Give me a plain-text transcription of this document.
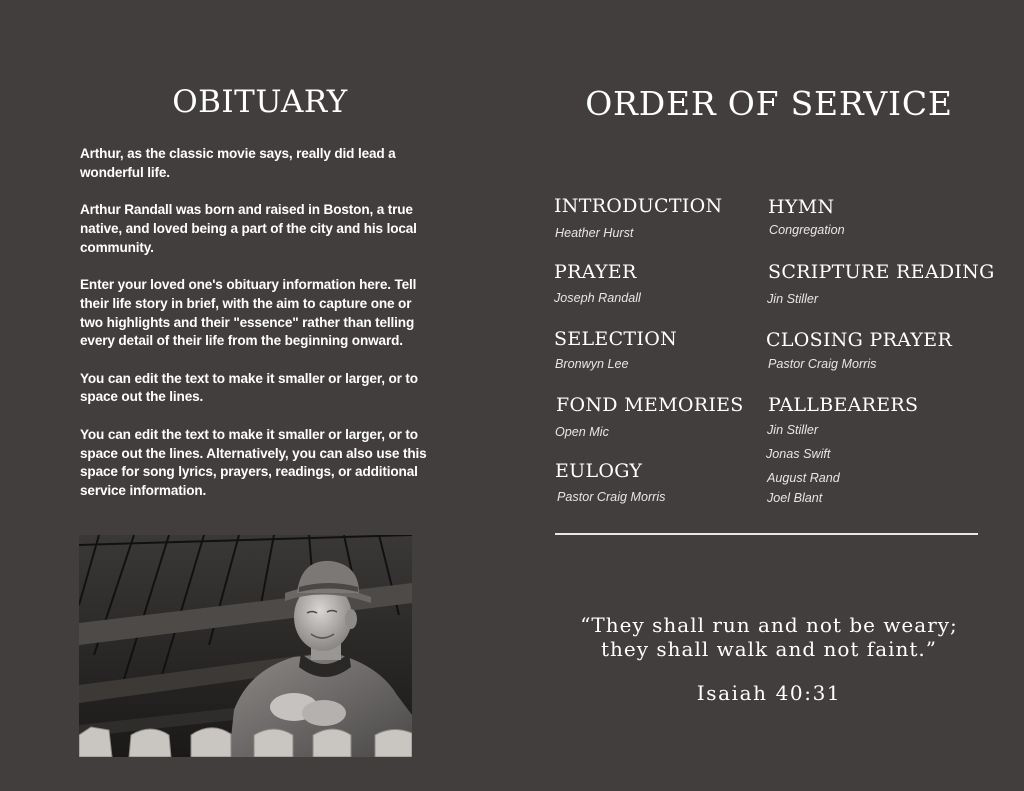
OBITUARY

Arthur, as the classic movie says, really did lead a wonderful life.

Arthur Randall was born and raised in Boston, a true native, and loved being a part of the city and his local community.

Enter your loved one's obituary information here. Tell their life story in brief, with the aim to capture one or two highlights and their "essence" rather than telling every detail of their life from the beginning onward.

You can edit the text to make it smaller or larger, or to space out the lines.

You can edit the text to make it smaller or larger, or to space out the lines. Alternatively, you can also use this space for song lyrics, prayers, readings, or additional service information.

ORDER OF SERVICE
INTRODUCTION
Heather Hurst
PRAYER
Joseph Randall
SELECTION
Bronwyn Lee
FOND MEMORIES
Open Mic
EULOGY
Pastor Craig Morris
HYMN
Congregation
SCRIPTURE READING
Jin Stiller
CLOSING PRAYER
Pastor Craig Morris
PALLBEARERS
Jin Stiller
Jonas Swift
August Rand
Joel Blant
“They shall run and not be weary;
they shall walk and not faint.”
Isaiah 40:31
